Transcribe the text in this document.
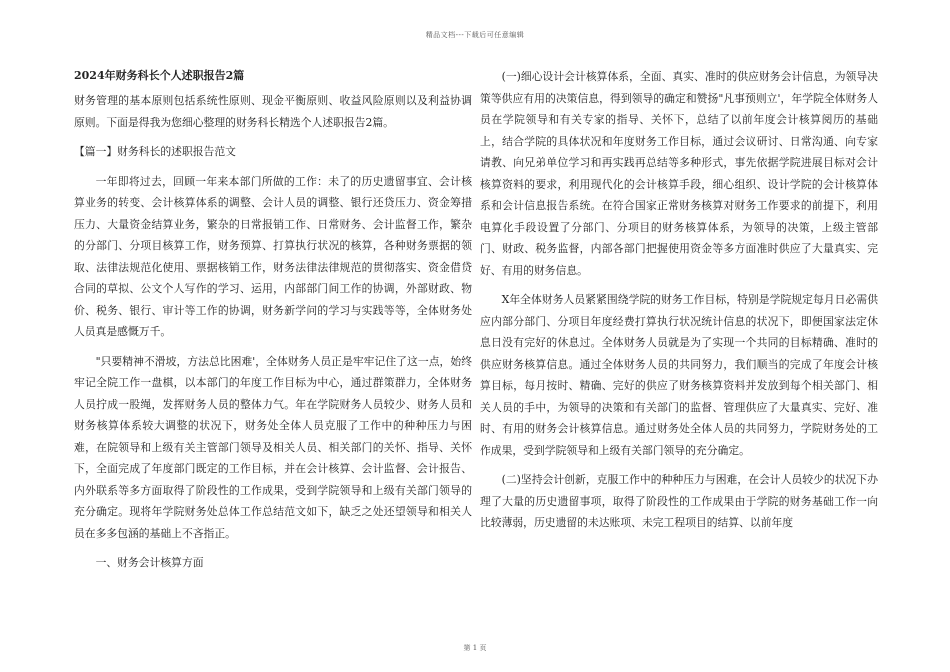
精品文档---下载后可任意编辑
2024年财务科长个人述职报告2篇

财务管理的基本原则包括系统性原则、现金平衡原则、收益风险原则以及利益协调原则。下面是得我为您细心整理的财务科长精选个人述职报告2篇。

【篇一】财务科长的述职报告范文

一年即将过去，回顾一年来本部门所做的工作：未了的历史遗留事宜、会计核算业务的转变、会计核算体系的调整、会计人员的调整、银行还贷压力、资金筹措压力、大量资金结算业务，繁杂的日常报销工作、日常财务、会计监督工作，繁杂的分部门、分项目核算工作，财务预算、打算执行状况的核算，各种财务票据的领取、法律法规范化使用、票据核销工作，财务法律法律规范的贯彻落实、资金借贷合同的草拟、公文个人写作的学习、运用，内部部门间工作的协调，外部财政、物价、税务、银行、审计等工作的协调，财务新学问的学习与实践等等，全体财务处人员真是感慨万千。

"只要精神不滑坡，方法总比困难'，全体财务人员正是牢牢记住了这一点，始终牢记全院工作一盘棋，以本部门的年度工作目标为中心，通过群策群力，全体财务人员拧成一股绳，发挥财务人员的整体力气。年在学院财务人员较少、财务人员和财务核算体系较大调整的状况下，财务处全体人员克服了工作中的种种压力与困难，在院领导和上级有关主管部门领导及相关人员、相关部门的关怀、指导、关怀下，全面完成了年度部门既定的工作目标，并在会计核算、会计监督、会计报告、内外联系等多方面取得了阶段性的工作成果，受到学院领导和上级有关部门领导的充分确定。现将年学院财务处总体工作总结范文如下，缺乏之处还望领导和相关人员在多多包涵的基础上不吝指正。

一、财务会计核算方面

(一)细心设计会计核算体系，全面、真实、准时的供应财务会计信息，为领导决策等供应有用的决策信息，得到领导的确定和赞扬"凡事预则立'，年学院全体财务人员在学院领导和有关专家的指导、关怀下，总结了以前年度会计核算阅历的基础上，结合学院的具体状况和年度财务工作目标，通过会议研讨、日常沟通、向专家请教、向兄弟单位学习和再实践再总结等多种形式，事先依据学院进展目标对会计核算资料的要求，利用现代化的会计核算手段，细心组织、设计学院的会计核算体系和会计信息报告系统。在符合国家正常财务核算对财务工作要求的前提下，利用电算化手段设置了分部门、分项目的财务核算体系，为领导的决策，上级主管部门、财政、税务监督，内部各部门把握使用资金等多方面准时供应了大量真实、完好、有用的财务信息。

X年全体财务人员紧紧围绕学院的财务工作目标，特别是学院规定每月日必需供应内部分部门、分项目年度经费打算执行状况统计信息的状况下，即便国家法定休息日没有完好的休息过。全体财务人员就是为了实现一个共同的目标精确、准时的供应财务核算信息。通过全体财务人员的共同努力，我们顺当的完成了年度会计核算目标，每月按时、精确、完好的供应了财务核算资料并发放到每个相关部门、相关人员的手中，为领导的决策和有关部门的监督、管理供应了大量真实、完好、准时、有用的财务会计核算信息。通过财务处全体人员的共同努力，学院财务处的工作成果，受到学院领导和上级有关部门领导的充分确定。

(二)坚持会计创新，克服工作中的种种压力与困难，在会计人员较少的状况下办理了大量的历史遗留事项，取得了阶段性的工作成果由于学院的财务基础工作一向比较薄弱，历史遗留的未达账项、未完工程项目的结算、以前年度

第 1 页
